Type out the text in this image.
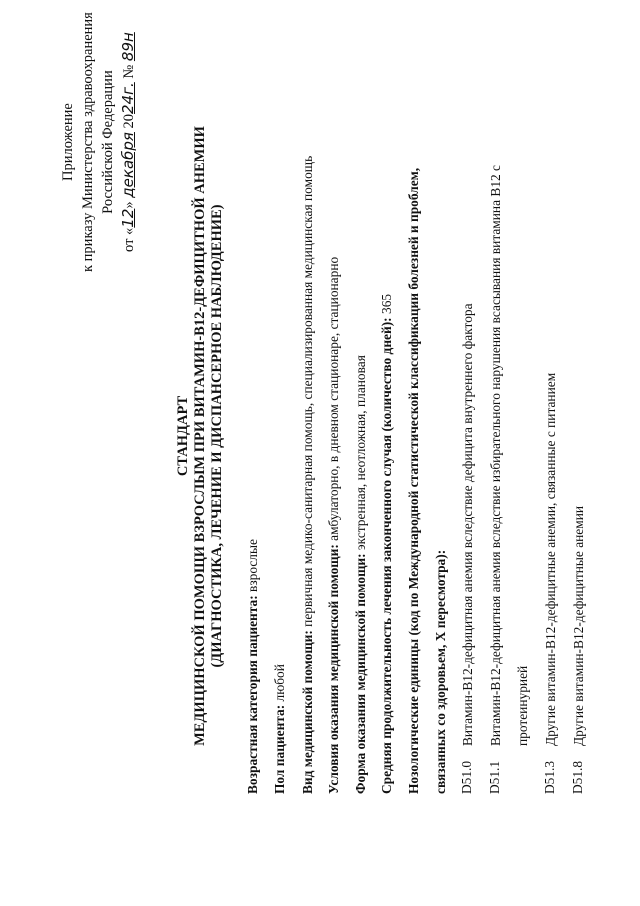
Приложение к приказу Министерства здравоохранения Российской Федерации
от «12» декабря 2024г. № 89н
СТАНДАРТ МЕДИЦИНСКОЙ ПОМОЩИ ВЗРОСЛЫМ ПРИ ВИТАМИН-В12-ДЕФИЦИТНОЙ АНЕМИИ (ДИАГНОСТИКА, ЛЕЧЕНИЕ И ДИСПАНСЕРНОЕ НАБЛЮДЕНИЕ)
Возрастная категория пациента: взрослые
Пол пациента: любой Вид медицинской помощи: первичная медико-санитарная помощь, специализированная медицинская помощь
Условия оказания медицинской помощи: амбулаторно, в дневном стационаре, стационарно
Форма оказания медицинской помощи: экстренная, неотложная, плановая Средняя продолжительность лечения законченного случая (количество дней): 365 Нозологические единицы (код по Международной статистической классификации болезней и проблем, связанных со здоровьем, X пересмотра): D51.0
Витамин-В12-дефицитная анемия вследствие дефицита внутреннего фактора
D51.1
Витамин-В12-дефицитная анемия вследствие избирательного нарушения всасывания витамина В12 с протеинурией
D51.3
Другие витамин-В12-дефицитные анемии, связанные с питанием
D51.8
Другие витамин-В12-дефицитные анемии
